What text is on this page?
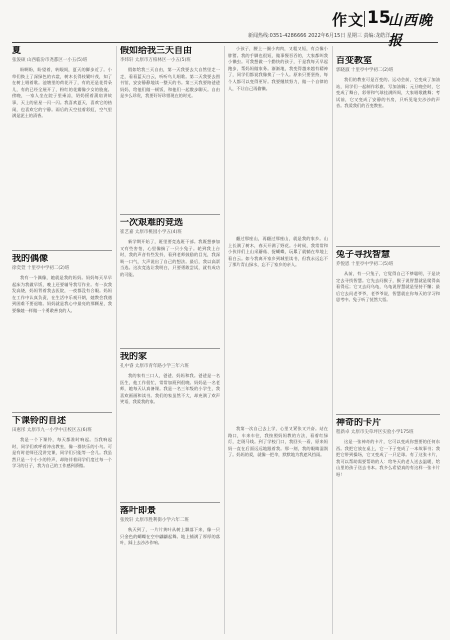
新闻热线:0351-4286666 2022年6月15日 星期三 责编:龙皓洋
作文 15
山西晚报
夏
张浚硕 山西临汾市尧都区一小五(5)班
盼啊盼，盼望着，转眼间，夏天的脚步近了。小草们换上了深绿色的衣裳，树木长得枝繁叶茂，知了在树上唱着歌。池塘里的荷花开了，有的还是花骨朵儿，有的已经全展开了，粉红的花瓣像少女的脸庞。傍晚，一家人坐在院子里乘凉，奶奶摇着蒲扇讲故事，天上的星星一闪一闪。我喜欢夏天，喜欢它的热闹，也喜欢它的宁静。雨后的天空挂着彩虹，空气里满是泥土的清香。
我的偶像
徐奕萱 十里亭中学初二(2)班
我有一个偶像，她就是我的妈妈。妈妈每天早早起床为我做早饭，晚上还要辅导我写作业。有一次我发高烧，妈妈背着我去医院，一夜都没有合眼。妈妈在工作中认真负责，在生活中乐观开朗，她教会我遇到困难不要退缩。妈妈就是我心中最亮的那颗星，我要像她一样做一个勇敢善良的人。
下课铃的自述
田惠彤 太原市九一小学中正校区五(6)班
我是一个下课铃，每天都准时响起。当我响起时，同学们欢呼着冲出教室，像一群快乐的小鸟。可是有时老师还没讲完课，同学们只能等一会儿。我虽然只是一个小小的铃声，却陪伴着同学们度过每一个学习的日子，我为自己的工作感到骄傲。
假如给我三天自由
李炜轩 太原市万柏林区一小五(5)班
假如给我三天自由，第一天我要去大自然里走一走，看看蓝天白云，听听鸟儿唱歌。第二天我要去图书馆，安安静静地读一整天的书。第三天我要陪爸爸妈妈，给他们做一顿饭，和他们一起散步聊天。自由是多么珍贵，我要好好珍惜现在的时光。
一次艰难的竞选
崔艺嘉 太原市桃园小学五(4)班
新学期开始了，班里要竞选班干部。我既想参加又有些害怕，心里像揣了一只小兔子。轮到我上台时，我的声音有些发抖，看到老师鼓励的目光，我深吸一口气，大声说出了自己的想法。最后，我以高票当选。这次竞选让我明白，只要勇敢尝试，就有成功的可能。
我的家
孔中睿 太原市青年路小学三年六班
我的家有三口人，爸爸、妈妈和我。爸爸是一名医生，他工作很忙，常常加班到很晚。妈妈是一名老师，她每天认真备课。我是一名三年级的小学生，我喜欢画画和读书。我们的家虽然不大，却充满了欢声笑语，我爱我的家。
落叶即景
张致轩 太原市胜利街小学六年二班
秋天到了，一片片黄叶从树上飘落下来，像一只只金色的蝴蝶在空中翩翩起舞。地上铺满了厚厚的落叶，踩上去沙沙作响。
小孩子，腰上一圈小肉肉，又粗又短，有点像小胖猪。我的手脚也很短，做事慢吞吞的，大家都叫我小懒虫。可我想做一个勤快的孩子，于是我每天早起跑步，帮妈妈做家务。渐渐地，我变得越来越有精神了，同学们都说我像换了一个人。原来只要坚持，每个人都可以变得更好。我要继续努力，做一个自律的人，不让自己再偷懒。
翻过那座山，再翻过那座山，就是我的家乡。山上长满了树木，春天开满了野花。小时候，我常常和小伙伴们上山采蘑菇、捉蝴蝶，玩累了就躺在草地上看白云。如今我离开家乡到城里读书，但我永远忘不了那片青山绿水，忘不了家乡的亲人。
我第一次自己去上学，心里又紧张又兴奋。站在路口，车来车往，我按照妈妈教的方法，看着红绿灯，走斑马线。到了学校门口，我回头一看，原来妈妈一直在后面远远地跟着我。那一刻，我的眼睛湿润了。妈妈的爱，就像一把伞，默默地为我遮风挡雨。
百变教室
郭晓淑 十里亭中学初二(2)班
我们的教室可是百变的。运动会前，它变成了加油站，同学们一起制作彩旗、写加油稿；元旦晚会时，它变成了舞台，彩带和气球挂满四周，大家唱歌跳舞；考试前，它又变成了安静的书房，只听见笔尖沙沙的声音。我爱我们的百变教室。
兔子寻找智慧
乔悦恩 十里亭中学初二(5)班
从前，有一只兔子，它觉得自己不够聪明，于是决定去寻找智慧。它先去问猴子，猴子说智慧就是爬得高看得远；它又去问乌龟，乌龟说智慧就是坚持不懈；最后它去问老爷爷，老爷爷说，智慧就在你每天的学习和思考中。兔子听了恍然大悟。
神奇的卡片
程新卓 太原市尖草坪区实验小学175班
这是一张神奇的卡片，它可以变成你想要的任何东西。我把它放在桌上，它一下子变成了一本故事书；我把它带到操场，它又变成了一只足球。有了这张卡片，我可以帮助需要帮助的人：给冬天的老人送去温暖，给山里的孩子送去书本。我多么希望真的有这样一张卡片呀！
